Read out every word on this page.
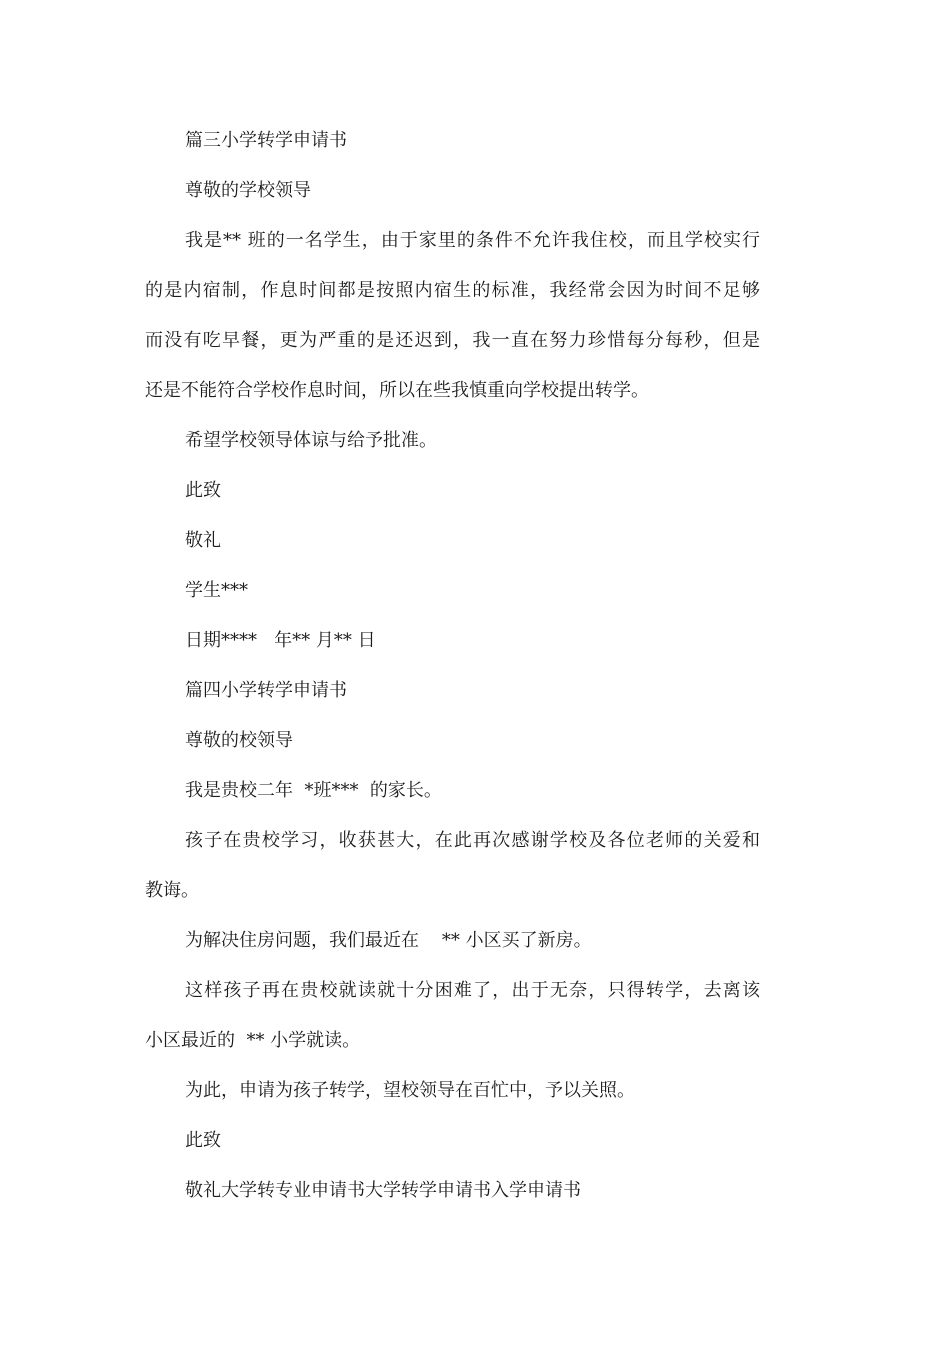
篇三小学转学申请书
尊敬的学校领导
我是** 班的一名学生，由于家里的条件不允许我住校，而且学校实行
的是内宿制，作息时间都是按照内宿生的标准，我经常会因为时间不足够
而没有吃早餐，更为严重的是还迟到，我一直在努力珍惜每分每秒，但是
还是不能符合学校作息时间，所以在些我慎重向学校提出转学。
希望学校领导体谅与给予批准。
此致
敬礼
学生***
日期****   年** 月** 日
篇四小学转学申请书
尊敬的校领导
我是贵校二年  *班***  的家长。
孩子在贵校学习，收获甚大，在此再次感谢学校及各位老师的关爱和
教诲。
为解决住房问题，我们最近在    ** 小区买了新房。
这样孩子再在贵校就读就十分困难了，出于无奈，只得转学，去离该
小区最近的  ** 小学就读。
为此，申请为孩子转学，望校领导在百忙中，予以关照。
此致
敬礼大学转专业申请书大学转学申请书入学申请书
